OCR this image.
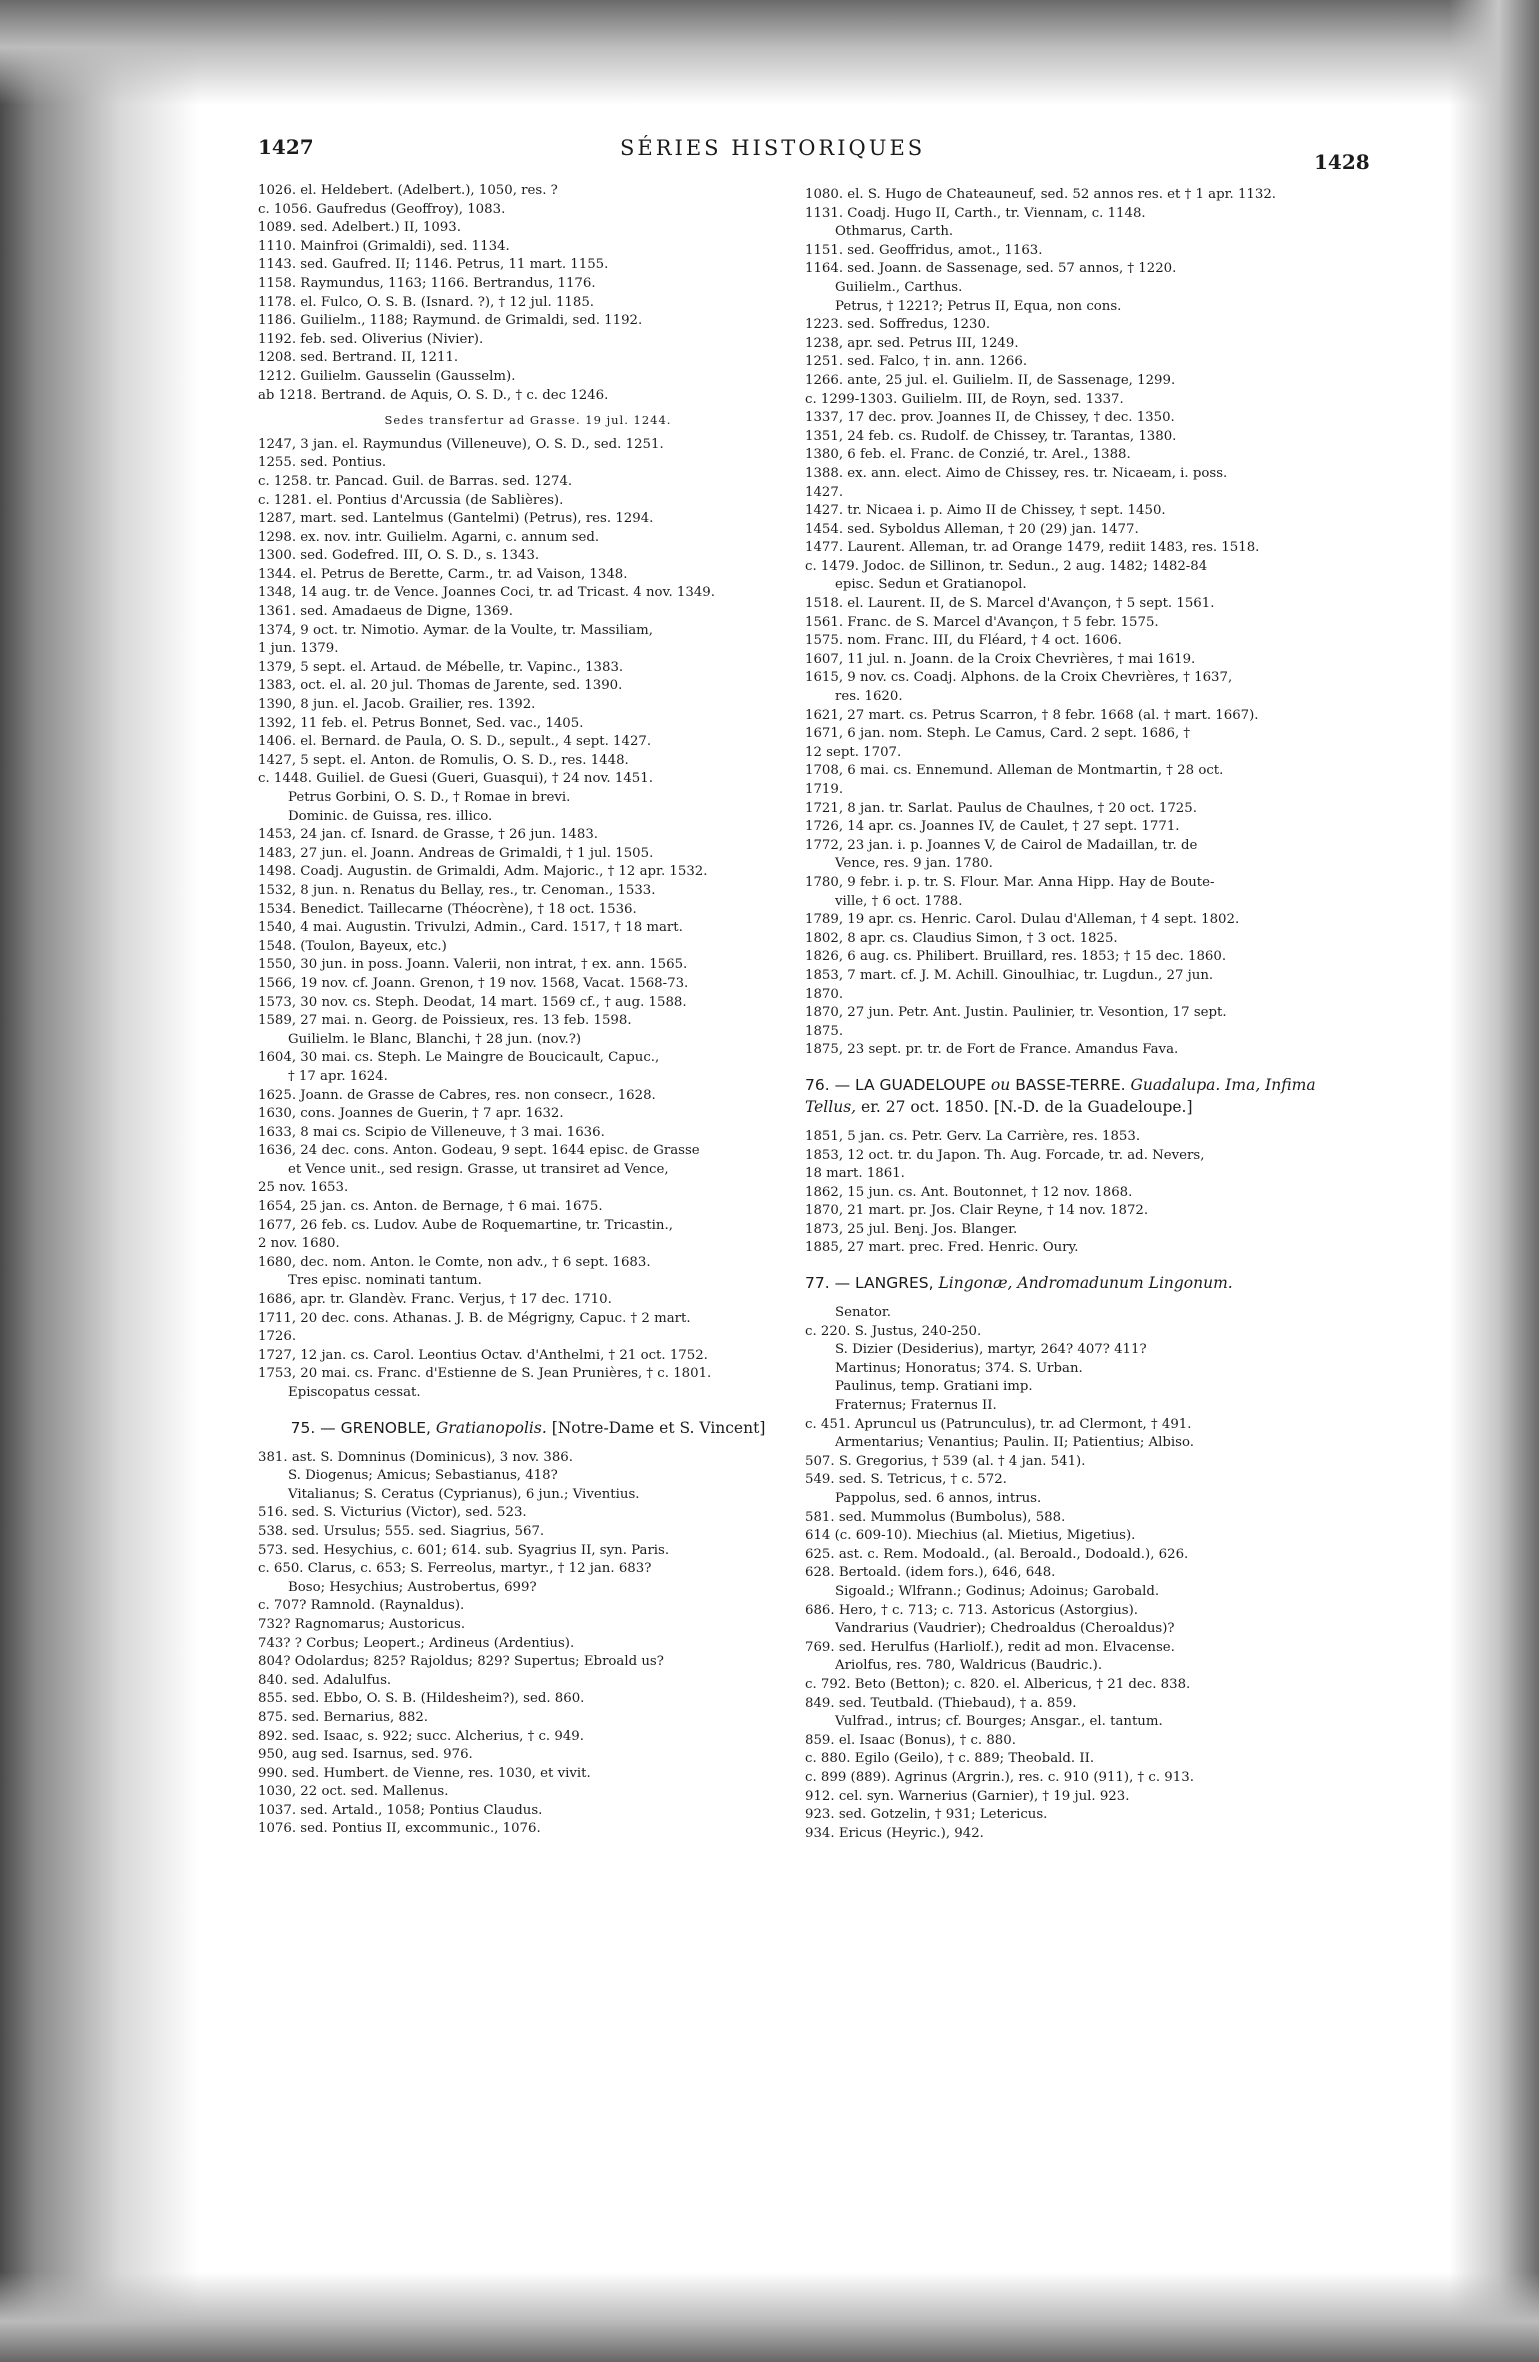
1427	SÉRIES HISTORIQUES
1428

1026. el. Heldebert. (Adelbert.), 1050, res. ?

c. 1056. Gaufredus (Geoffroy), 1083.

1089. sed. Adelbert.) II, 1093.

1110. Mainfroi (Grimaldi), sed. 1134.

1143. sed. Gaufred. II; 1146. Petrus, 11 mart. 1155.

1158. Raymundus, 1163; 1166. Bertrandus, 1176.

1178. el. Fulco, O. S. B. (Isnard. ?), † 12 jul. 1185.

1186. Guilielm., 1188; Raymund. de Grimaldi, sed. 1192.

1192. feb. sed. Oliverius (Nivier).

1208. sed. Bertrand. II, 1211.

1212. Guilielm. Gausselin (Gausselm).

ab 1218. Bertrand. de Aquis, O. S. D., † c. dec 1246.

Sedes transfertur ad Grasse. 19 jul. 1244.

1247, 3 jan. el. Raymundus (Villeneuve), O. S. D., sed. 1251.

1255. sed. Pontius.

c. 1258. tr. Pancad. Guil. de Barras. sed. 1274.

c. 1281. el. Pontius d'Arcussia (de Sablières).

1287, mart. sed. Lantelmus (Gantelmi) (Petrus), res. 1294.

1298. ex. nov. intr. Guilielm. Agarni, c. annum sed.

1300. sed. Godefred. III, O. S. D., s. 1343.

1344. el. Petrus de Berette, Carm., tr. ad Vaison, 1348.

1348, 14 aug. tr. de Vence. Joannes Coci, tr. ad Tricast. 4 nov. 1349.

1361. sed. Amadaeus de Digne, 1369.

1374, 9 oct. tr. Nimotio. Aymar. de la Voulte, tr. Massiliam,

1 jun. 1379.

1379, 5 sept. el. Artaud. de Mébelle, tr. Vapinc., 1383.

1383, oct. el. al. 20 jul. Thomas de Jarente, sed. 1390.

1390, 8 jun. el. Jacob. Grailier, res. 1392.

1392, 11 feb. el. Petrus Bonnet, Sed. vac., 1405.

1406. el. Bernard. de Paula, O. S. D., sepult., 4 sept. 1427.

1427, 5 sept. el. Anton. de Romulis, O. S. D., res. 1448.

c. 1448. Guiliel. de Guesi (Gueri, Guasqui), † 24 nov. 1451.

Petrus Gorbini, O. S. D., † Romae in brevi.

Dominic. de Guissa, res. illico.

1453, 24 jan. cf. Isnard. de Grasse, † 26 jun. 1483.

1483, 27 jun. el. Joann. Andreas de Grimaldi, † 1 jul. 1505.

1498. Coadj. Augustin. de Grimaldi, Adm. Majoric., † 12 apr. 1532.

1532, 8 jun. n. Renatus du Bellay, res., tr. Cenoman., 1533.

1534. Benedict. Taillecarne (Théocrène), † 18 oct. 1536.

1540, 4 mai. Augustin. Trivulzi, Admin., Card. 1517, † 18 mart.

1548. (Toulon, Bayeux, etc.)

1550, 30 jun. in poss. Joann. Valerii, non intrat, † ex. ann. 1565.

1566, 19 nov. cf. Joann. Grenon, † 19 nov. 1568, Vacat. 1568-73.

1573, 30 nov. cs. Steph. Deodat, 14 mart. 1569 cf., † aug. 1588.

1589, 27 mai. n. Georg. de Poissieux, res. 13 feb. 1598.

Guilielm. le Blanc, Blanchi, † 28 jun. (nov.?)

1604, 30 mai. cs. Steph. Le Maingre de Boucicault, Capuc.,

† 17 apr. 1624.

1625. Joann. de Grasse de Cabres, res. non consecr., 1628.

1630, cons. Joannes de Guerin, † 7 apr. 1632.

1633, 8 mai cs. Scipio de Villeneuve, † 3 mai. 1636.

1636, 24 dec. cons. Anton. Godeau, 9 sept. 1644 episc. de Grasse

et Vence unit., sed resign. Grasse, ut transiret ad Vence,

25 nov. 1653.

1654, 25 jan. cs. Anton. de Bernage, † 6 mai. 1675.

1677, 26 feb. cs. Ludov. Aube de Roquemartine, tr. Tricastin.,

2 nov. 1680.

1680, dec. nom. Anton. le Comte, non adv., † 6 sept. 1683.

Tres episc. nominati tantum.

1686, apr. tr. Glandèv. Franc. Verjus, † 17 dec. 1710.

1711, 20 dec. cons. Athanas. J. B. de Mégrigny, Capuc. † 2 mart.

1726.

1727, 12 jan. cs. Carol. Leontius Octav. d'Anthelmi, † 21 oct. 1752.

1753, 20 mai. cs. Franc. d'Estienne de S. Jean Prunières, † c. 1801.

Episcopatus cessat.

75. — GRENOBLE, Gratianopolis. [Notre-Dame et S. Vincent]

381. ast. S. Domninus (Dominicus), 3 nov. 386.

S. Diogenus; Amicus; Sebastianus, 418?

Vitalianus; S. Ceratus (Cyprianus), 6 jun.; Viventius.

516. sed. S. Victurius (Victor), sed. 523.

538. sed. Ursulus; 555. sed. Siagrius, 567.

573. sed. Hesychius, c. 601; 614. sub. Syagrius II, syn. Paris.

c. 650. Clarus, c. 653; S. Ferreolus, martyr., † 12 jan. 683?

Boso; Hesychius; Austrobertus, 699?

c. 707? Ramnold. (Raynaldus).

732? Ragnomarus; Austoricus.

743? ? Corbus; Leopert.; Ardineus (Ardentius).

804? Odolardus; 825? Rajoldus; 829? Supertus; Ebroald us?

840. sed. Adalulfus.

855. sed. Ebbo, O. S. B. (Hildesheim?), sed. 860.

875. sed. Bernarius, 882.

892. sed. Isaac, s. 922; succ. Alcherius, † c. 949.

950, aug sed. Isarnus, sed. 976.

990. sed. Humbert. de Vienne, res. 1030, et vivit.

1030, 22 oct. sed. Mallenus.

1037. sed. Artald., 1058; Pontius Claudus.

1076. sed. Pontius II, excommunic., 1076.

1080. el. S. Hugo de Chateauneuf, sed. 52 annos res. et † 1 apr. 1132.

1131. Coadj. Hugo II, Carth., tr. Viennam, c. 1148.

Othmarus, Carth.

1151. sed. Geoffridus, amot., 1163.

1164. sed. Joann. de Sassenage, sed. 57 annos, † 1220.

Guilielm., Carthus.

Petrus, † 1221?; Petrus II, Equa, non cons.

1223. sed. Soffredus, 1230.

1238, apr. sed. Petrus III, 1249.

1251. sed. Falco, † in. ann. 1266.

1266. ante, 25 jul. el. Guilielm. II, de Sassenage, 1299.

c. 1299-1303. Guilielm. III, de Royn, sed. 1337.

1337, 17 dec. prov. Joannes II, de Chissey, † dec. 1350.

1351, 24 feb. cs. Rudolf. de Chissey, tr. Tarantas, 1380.

1380, 6 feb. el. Franc. de Conzié, tr. Arel., 1388.

1388. ex. ann. elect. Aimo de Chissey, res. tr. Nicaeam, i. poss.

1427.

1427. tr. Nicaea i. p. Aimo II de Chissey, † sept. 1450.

1454. sed. Syboldus Alleman, † 20 (29) jan. 1477.

1477. Laurent. Alleman, tr. ad Orange 1479, rediit 1483, res. 1518.

c. 1479. Jodoc. de Sillinon, tr. Sedun., 2 aug. 1482; 1482-84

episc. Sedun et Gratianopol.

1518. el. Laurent. II, de S. Marcel d'Avançon, † 5 sept. 1561.

1561. Franc. de S. Marcel d'Avançon, † 5 febr. 1575.

1575. nom. Franc. III, du Fléard, † 4 oct. 1606.

1607, 11 jul. n. Joann. de la Croix Chevrières, † mai 1619.

1615, 9 nov. cs. Coadj. Alphons. de la Croix Chevrières, † 1637,

res. 1620.

1621, 27 mart. cs. Petrus Scarron, † 8 febr. 1668 (al. † mart. 1667).

1671, 6 jan. nom. Steph. Le Camus, Card. 2 sept. 1686, †

12 sept. 1707.

1708, 6 mai. cs. Ennemund. Alleman de Montmartin, † 28 oct.

1719.

1721, 8 jan. tr. Sarlat. Paulus de Chaulnes, † 20 oct. 1725.

1726, 14 apr. cs. Joannes IV, de Caulet, † 27 sept. 1771.

1772, 23 jan. i. p. Joannes V, de Cairol de Madaillan, tr. de

Vence, res. 9 jan. 1780.

1780, 9 febr. i. p. tr. S. Flour. Mar. Anna Hipp. Hay de Boute-

ville, † 6 oct. 1788.

1789, 19 apr. cs. Henric. Carol. Dulau d'Alleman, † 4 sept. 1802.

1802, 8 apr. cs. Claudius Simon, † 3 oct. 1825.

1826, 6 aug. cs. Philibert. Bruillard, res. 1853; † 15 dec. 1860.

1853, 7 mart. cf. J. M. Achill. Ginoulhiac, tr. Lugdun., 27 jun.

1870.

1870, 27 jun. Petr. Ant. Justin. Paulinier, tr. Vesontion, 17 sept.

1875.

1875, 23 sept. pr. tr. de Fort de France. Amandus Fava.

76. — LA GUADELOUPE ou BASSE-TERRE. Guadalupa. Ima, Infima Tellus, er. 27 oct. 1850. [N.-D. de la Guadeloupe.]

1851, 5 jan. cs. Petr. Gerv. La Carrière, res. 1853.

1853, 12 oct. tr. du Japon. Th. Aug. Forcade, tr. ad. Nevers,

18 mart. 1861.

1862, 15 jun. cs. Ant. Boutonnet, † 12 nov. 1868.

1870, 21 mart. pr. Jos. Clair Reyne, † 14 nov. 1872.

1873, 25 jul. Benj. Jos. Blanger.

1885, 27 mart. prec. Fred. Henric. Oury.

77. — LANGRES, Lingonæ, Andromadunum Lingonum.

Senator.

c. 220. S. Justus, 240-250.

S. Dizier (Desiderius), martyr, 264? 407? 411?

Martinus; Honoratus; 374. S. Urban.

Paulinus, temp. Gratiani imp.

Fraternus; Fraternus II.

c. 451. Apruncul us (Patrunculus), tr. ad Clermont, † 491.

Armentarius; Venantius; Paulin. II; Patientius; Albiso.

507. S. Gregorius, † 539 (al. † 4 jan. 541).

549. sed. S. Tetricus, † c. 572.

Pappolus, sed. 6 annos, intrus.

581. sed. Mummolus (Bumbolus), 588.

614 (c. 609-10). Miechius (al. Mietius, Migetius).

625. ast. c. Rem. Modoald., (al. Beroald., Dodoald.), 626.

628. Bertoald. (idem fors.), 646, 648.

Sigoald.; Wlfrann.; Godinus; Adoinus; Garobald.

686. Hero, † c. 713; c. 713. Astoricus (Astorgius).

Vandrarius (Vaudrier); Chedroaldus (Cheroaldus)?

769. sed. Herulfus (Harliolf.), redit ad mon. Elvacense.

Ariolfus, res. 780, Waldricus (Baudric.).

c. 792. Beto (Betton); c. 820. el. Albericus, † 21 dec. 838.

849. sed. Teutbald. (Thiebaud), † a. 859.

Vulfrad., intrus; cf. Bourges; Ansgar., el. tantum.

859. el. Isaac (Bonus), † c. 880.

c. 880. Egilo (Geilo), † c. 889; Theobald. II.

c. 899 (889). Agrinus (Argrin.), res. c. 910 (911), † c. 913.

912. cel. syn. Warnerius (Garnier), † 19 jul. 923.

923. sed. Gotzelin, † 931; Letericus.

934. Ericus (Heyric.), 942.
